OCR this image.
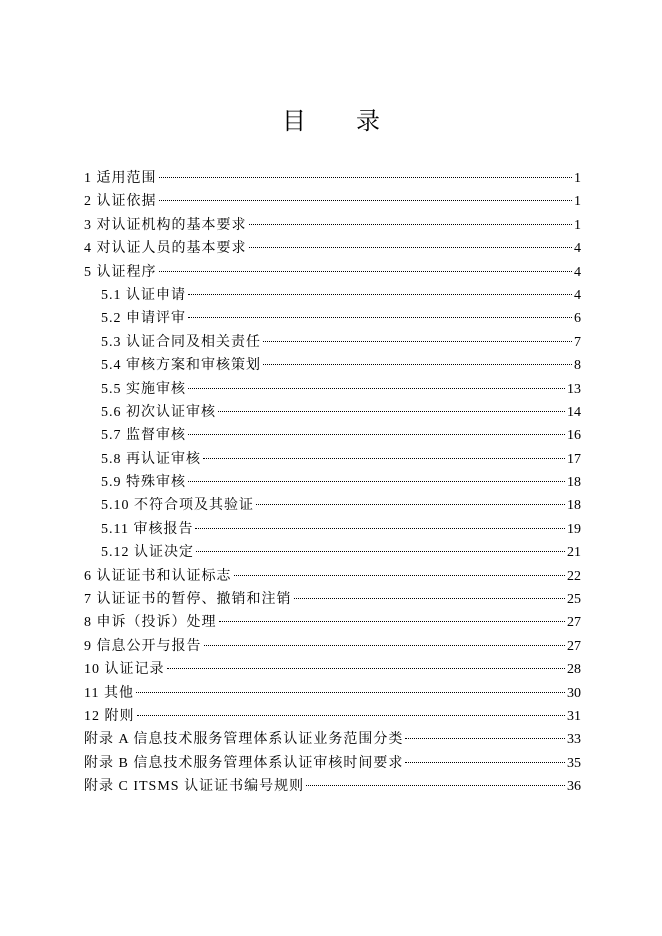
目 录
1 适用范围	1
2 认证依据	1
3 对认证机构的基本要求	1
4 对认证人员的基本要求	4
5 认证程序	4
5.1 认证申请	4
5.2 申请评审	6
5.3 认证合同及相关责任	7
5.4 审核方案和审核策划	8
5.5 实施审核	13
5.6 初次认证审核	14
5.7 监督审核	16
5.8 再认证审核	17
5.9 特殊审核	18
5.10 不符合项及其验证	18
5.11 审核报告	19
5.12 认证决定	21
6 认证证书和认证标志	22
7 认证证书的暂停、撤销和注销	25
8 申诉（投诉）处理	27
9 信息公开与报告	27
10 认证记录	28
11 其他	30
12 附则	31
附录 A 信息技术服务管理体系认证业务范围分类	33
附录 B 信息技术服务管理体系认证审核时间要求	35
附录 C ITSMS 认证证书编号规则	36
